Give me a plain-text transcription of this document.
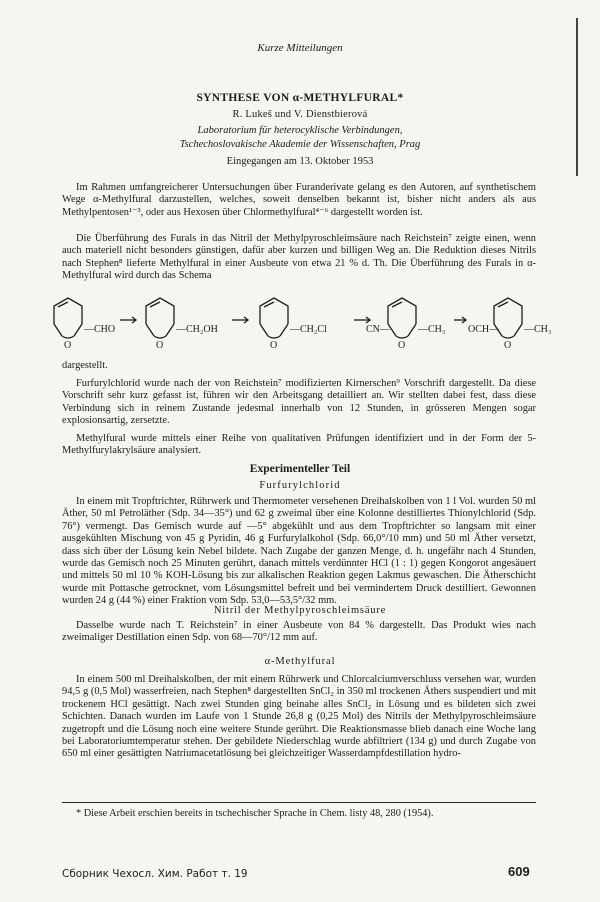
Kurze Mitteilungen
SYNTHESE VON α-METHYLFURAL*
R. Lukeš und V. Dienstbierová
Laboratorium für heterocyklische Verbindungen,
Tschechoslovakische Akademie der Wissenschaften, Prag
Eingegangen am 13. Oktober 1953

Im Rahmen umfangreicherer Untersuchungen über Furanderivate gelang es den Autoren, auf synthetischem Wege α-Methylfural darzustellen, welches, soweit denselben bekannt ist, bisher nicht anders als aus Methylpentosen¹⁻³, oder aus Hexosen über Chlormethylfural⁴⁻⁶ dargestellt worden ist.

Die Überführung des Furals in das Nitril der Methylpyroschleimsäure nach Reichstein⁷ zeigte einen, wenn auch materiell nicht besonders günstigen, dafür aber kurzen und billigen Weg an. Die Reduktion dieses Nitrils nach Stephen⁸ lieferte Methylfural in einer Ausbeute von etwa 21 % d. Th. Die Überführung des Furals in α-Methylfural wird durch das Schema

O	O	O	O	O
—CHO	—CH₂OH	—CH₂Cl	CN—	—CH₃ OCH— —CH₃

dargestellt.

Furfurylchlorid wurde nach der von Reichstein⁷ modifizierten Kirnerschen⁹ Vorschrift dargestellt. Da diese Vorschrift sehr kurz gefasst ist, führen wir den Arbeitsgang detailliert an. Wir stellten dabei fest, dass diese Verbindung sich in reinem Zustande jedesmal innerhalb von 12 Stunden, in grösseren Mengen sogar explosionsartig, zersetzte.

Methylfural wurde mittels einer Reihe von qualitativen Prüfungen identifiziert und in der Form der 5-Methylfurylakrylsäure analysiert.

Experimenteller Teil
Furfurylchlorid

In einem mit Tropftrichter, Rührwerk und Thermometer versehenen Dreihalskolben von 1 l Vol. wurden 50 ml Äther, 50 ml Petroläther (Sdp. 34—35°) und 62 g zweimal über eine Kolonne destilliertes Thionylchlorid (Sdp. 76°) vermengt. Das Gemisch wurde auf —5° abgekühlt und aus dem Tropftrichter so langsam mit einer ausgekühlten Mischung von 45 g Pyridin, 46 g Furfurylalkohol (Sdp. 66,0°/10 mm) und 50 ml Äther versetzt, dass sich über der Lösung kein Nebel bildete. Nach Zugabe der ganzen Menge, d. h. ungefähr nach 4 Stunden, wurde das Gemisch noch 25 Minuten gerührt, danach mittels verdünnter HCl (1 : 1) gegen Kongorot angesäuert und mittels 50 ml 10 % KOH-Lösung bis zur alkalischen Reaktion gegen Lakmus gewaschen. Die Ätherschicht wurde mit Pottasche getrocknet, vom Lösungsmittel befreit und bei vermindertem Druck destilliert. Gewonnen wurden 24 g (44 %) einer Fraktion vom Sdp. 53,0—53,5°/32 mm.

Nitril der Methylpyroschleimsäure

Dasselbe wurde nach T. Reichstein⁷ in einer Ausbeute von 84 % dargestellt. Das Produkt wies nach zweimaliger Destillation einen Sdp. von 68—70°/12 mm auf.

α-Methylfural

In einem 500 ml Dreihalskolben, der mit einem Rührwerk und Chlorcalciumverschluss versehen war, wurden 94,5 g (0,5 Mol) wasserfreien, nach Stephen⁸ dargestellten SnCl₂ in 350 ml trockenen Äthers suspendiert und mit trockenem HCl gesättigt. Nach zwei Stunden ging beinahe alles SnCl₂ in Lösung und es bildeten sich zwei Schichten. Danach wurden im Laufe von 1 Stunde 26,8 g (0,25 Mol) des Nitrils der Methylpyroschleimsäure zugetropft und die Lösung noch eine weitere Stunde gerührt. Die Reaktionsmasse blieb danach eine Woche lang bei Laboratoriumtemperatur stehen. Der gebildete Niederschlag wurde abfiltriert (134 g) und durch Zugabe von 650 ml einer gesättigten Natriumacetatlösung bei gleichzeitiger Wasserdampfdestillation hydro-

* Diese Arbeit erschien bereits in tschechischer Sprache in Chem. listy 48, 280 (1954).
Сборник Чехосл. Хим. Работ т. 19	609
